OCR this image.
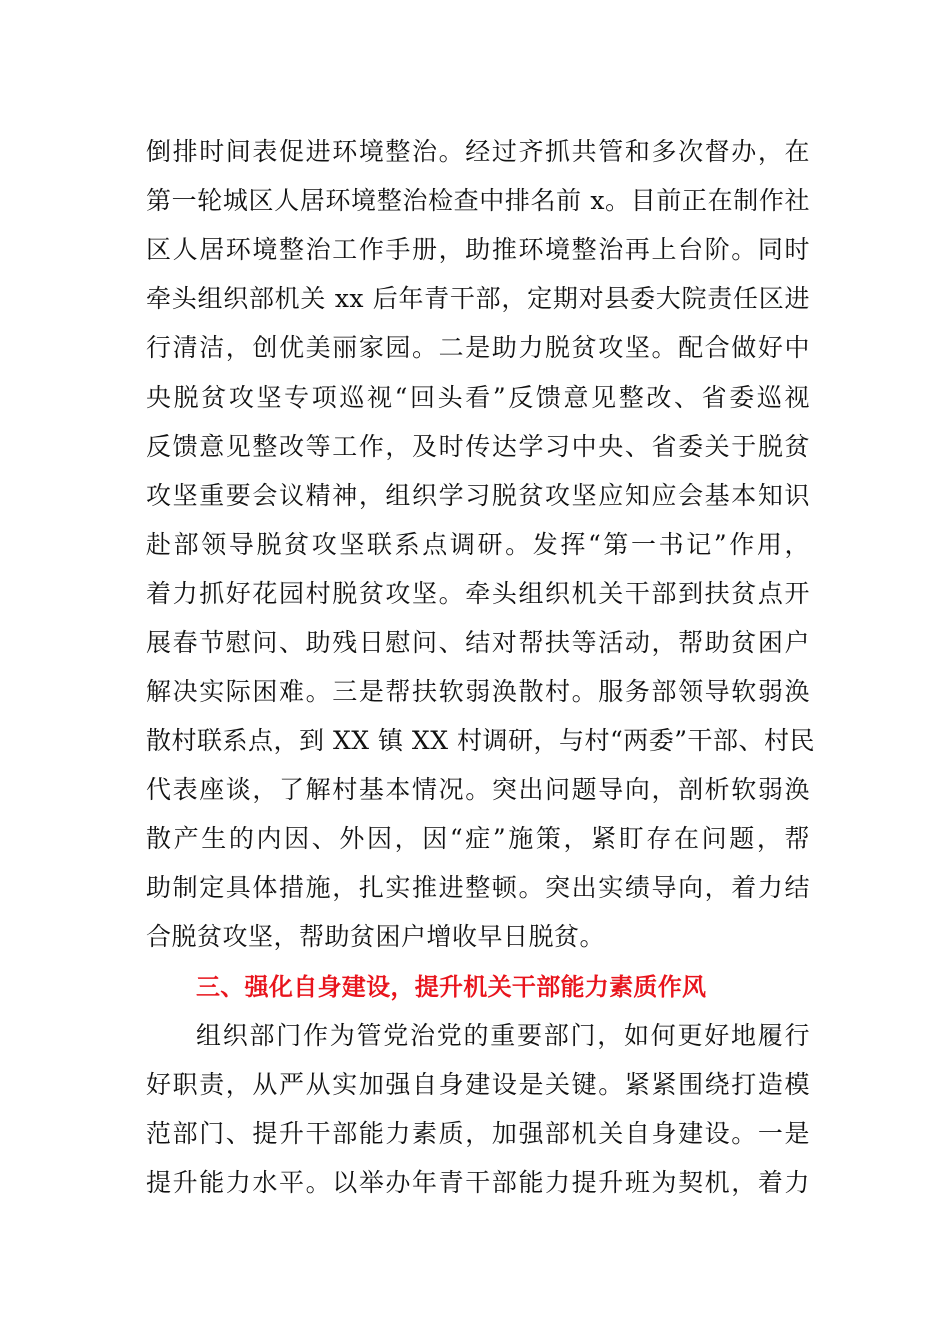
倒排时间表促进环境整治。经过齐抓共管和多次督办，在
第一轮城区人居环境整治检查中排名前 x。目前正在制作社
区人居环境整治工作手册，助推环境整治再上台阶。同时
牵头组织部机关 xx 后年青干部，定期对县委大院责任区进
行清洁，创优美丽家园。二是助力脱贫攻坚。配合做好中
央脱贫攻坚专项巡视“回头看”反馈意见整改、省委巡视
反馈意见整改等工作，及时传达学习中央、省委关于脱贫
攻坚重要会议精神，组织学习脱贫攻坚应知应会基本知识
赴部领导脱贫攻坚联系点调研。发挥“第一书记”作用，
着力抓好花园村脱贫攻坚。牵头组织机关干部到扶贫点开
展春节慰问、助残日慰问、结对帮扶等活动，帮助贫困户
解决实际困难。三是帮扶软弱涣散村。服务部领导软弱涣
散村联系点，到 XX 镇 XX 村调研，与村“两委”干部、村民
代表座谈，了解村基本情况。突出问题导向，剖析软弱涣
散产生的内因、外因，因“症”施策，紧盯存在问题，帮
助制定具体措施，扎实推进整顿。突出实绩导向，着力结
合脱贫攻坚，帮助贫困户增收早日脱贫。
三、强化自身建设，提升机关干部能力素质作风
组织部门作为管党治党的重要部门，如何更好地履行
好职责，从严从实加强自身建设是关键。紧紧围绕打造模
范部门、提升干部能力素质，加强部机关自身建设。一是
提升能力水平。以举办年青干部能力提升班为契机，着力
